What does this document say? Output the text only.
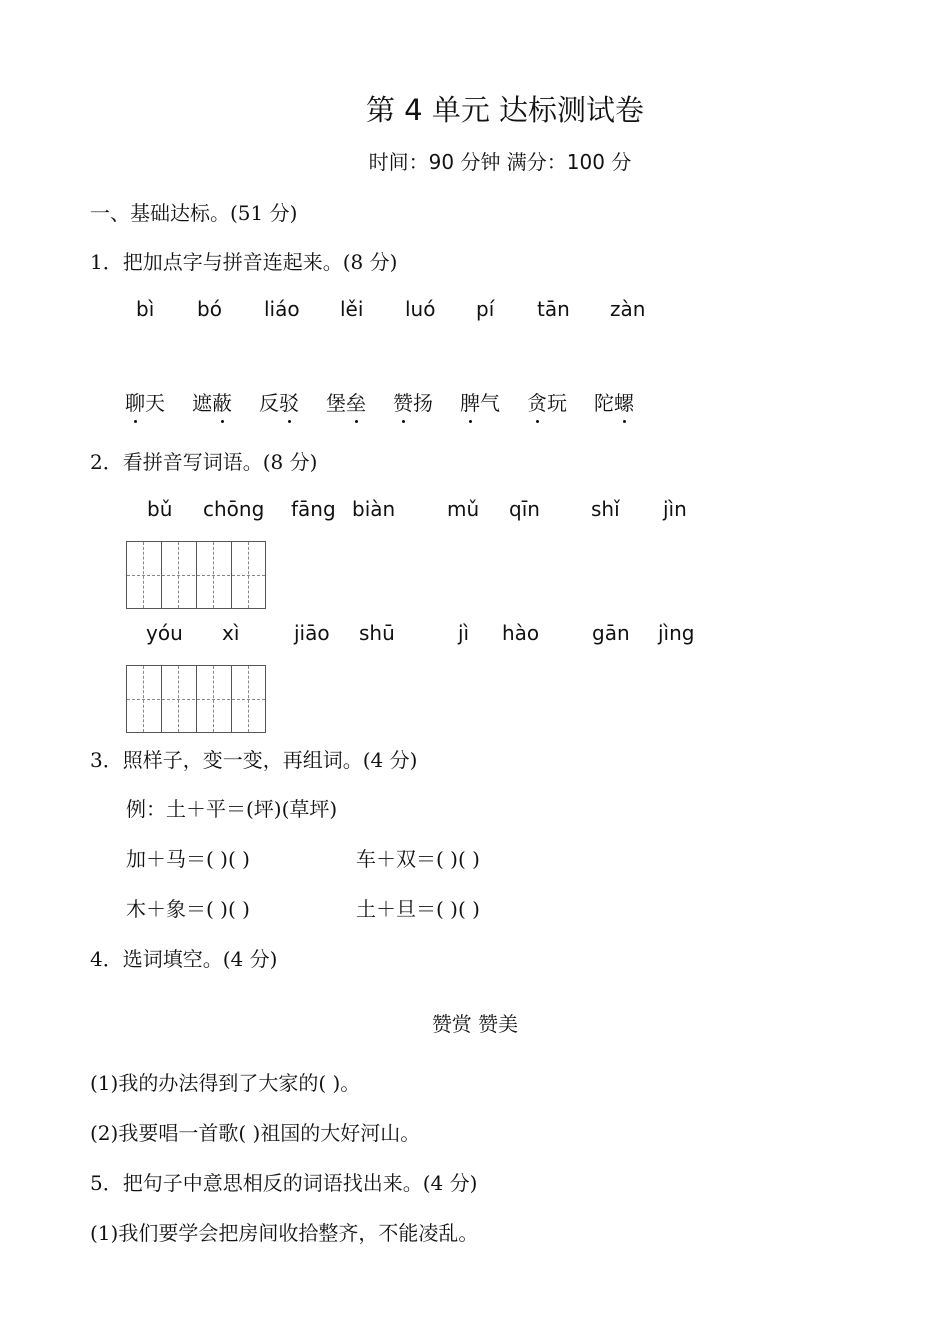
第 4 单元 达标测试卷
时间：90 分钟 满分：100 分
一、基础达标。(51 分)
1．把加点字与拼音连起来。(8 分)
bì bó liáo lěi luó pí tān zàn
聊天 遮蔽 反驳 堡垒 赞扬 脾气 贪玩 陀螺
2．看拼音写词语。(8 分)
bǔ chōng fāng biàn	mǔ qīn	shǐ jìn
yóu xì	jiāo shū	jì hào	gān jìng
3．照样子，变一变，再组词。(4 分)
例：土＋平＝(坪)(草坪)
加＋马＝( )( )	车＋双＝( )( )
木＋象＝( )( )	土＋旦＝( )( )
4．选词填空。(4 分)
赞赏 赞美
(1)我的办法得到了大家的( )。
(2)我要唱一首歌( )祖国的大好河山。
5．把句子中意思相反的词语找出来。(4 分)
(1)我们要学会把房间收拾整齐，不能凌乱。
